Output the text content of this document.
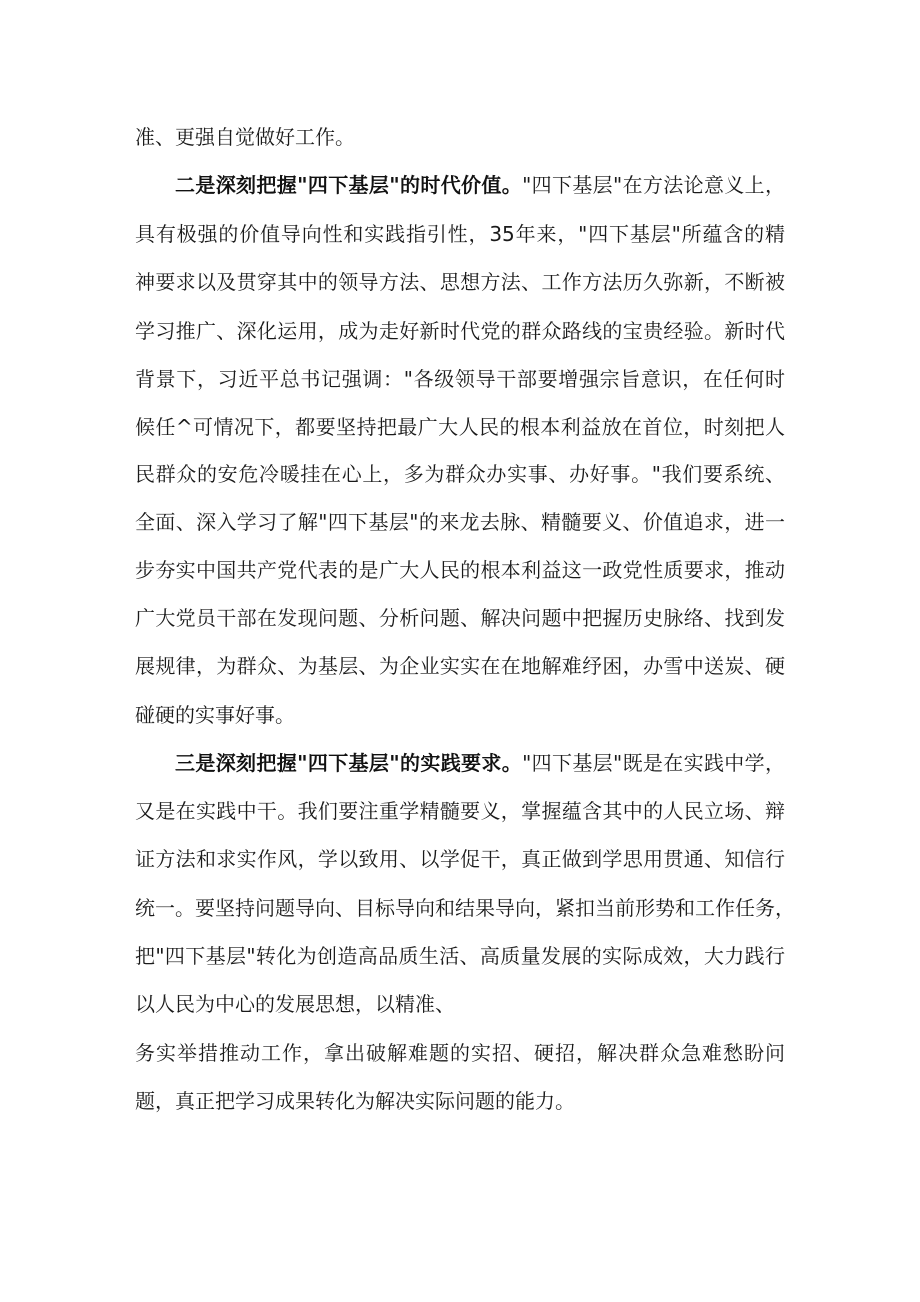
准、更强自觉做好工作。
二是深刻把握"四下基层"的时代价值。"四下基层"在方法论意义上，
具有极强的价值导向性和实践指引性，35年来，"四下基层"所蕴含的精
神要求以及贯穿其中的领导方法、思想方法、工作方法历久弥新，不断被
学习推广、深化运用，成为走好新时代党的群众路线的宝贵经验。新时代
背景下，习近平总书记强调："各级领导干部要增强宗旨意识，在任何时
候任^可情况下，都要坚持把最广大人民的根本利益放在首位，时刻把人
民群众的安危冷暖挂在心上，多为群众办实事、办好事。"我们要系统、
全面、深入学习了解"四下基层"的来龙去脉、精髓要义、价值追求，进一
步夯实中国共产党代表的是广大人民的根本利益这一政党性质要求，推动
广大党员干部在发现问题、分析问题、解决问题中把握历史脉络、找到发
展规律，为群众、为基层、为企业实实在在地解难纾困，办雪中送炭、硬
碰硬的实事好事。
三是深刻把握"四下基层"的实践要求。"四下基层"既是在实践中学，
又是在实践中干。我们要注重学精髓要义，掌握蕴含其中的人民立场、辩
证方法和求实作风，学以致用、以学促干，真正做到学思用贯通、知信行
统一。要坚持问题导向、目标导向和结果导向，紧扣当前形势和工作任务，
把"四下基层"转化为创造高品质生活、高质量发展的实际成效，大力践行
以人民为中心的发展思想，以精准、
务实举措推动工作，拿出破解难题的实招、硬招，解决群众急难愁盼问
题，真正把学习成果转化为解决实际问题的能力。
